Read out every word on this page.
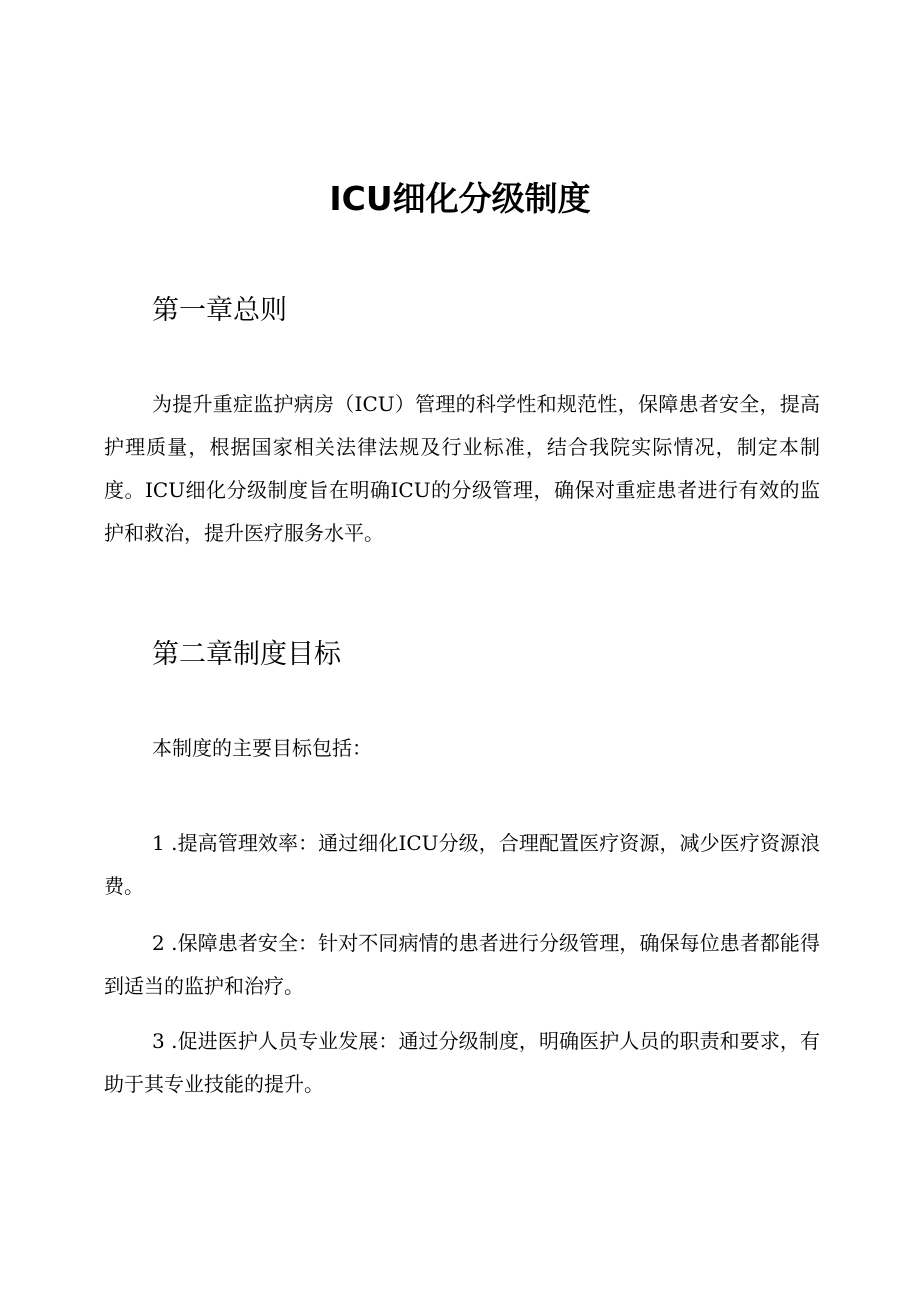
ICU细化分级制度
第一章总则

为提升重症监护病房（ICU）管理的科学性和规范性，保障患者安全，提高护理质量，根据国家相关法律法规及行业标准，结合我院实际情况，制定本制度。ICU细化分级制度旨在明确ICU的分级管理，确保对重症患者进行有效的监护和救治，提升医疗服务水平。

第二章制度目标

本制度的主要目标包括：

1 .提高管理效率：通过细化ICU分级，合理配置医疗资源，减少医疗资源浪费。

2 .保障患者安全：针对不同病情的患者进行分级管理，确保每位患者都能得到适当的监护和治疗。

3 .促进医护人员专业发展：通过分级制度，明确医护人员的职责和要求，有助于其专业技能的提升。
